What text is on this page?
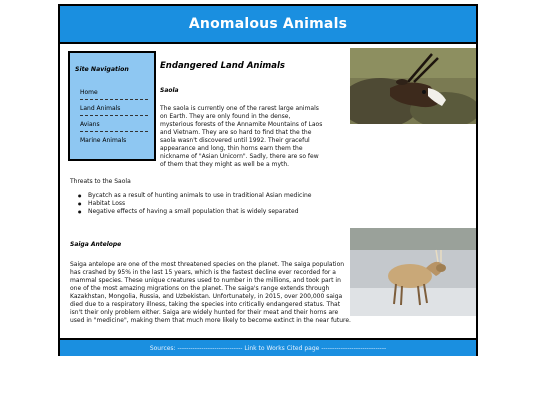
Anomalous Animals
Site Navigation
Home
Land Animals
Avians
Marine Animals
Endangered Land Animals
Saola
The saola is currently one of the rarest large animals
on Earth. They are only found in the dense,
mysterious forests of the Annamite Mountains of Laos
and Vietnam. They are so hard to find that the the
saola wasn't discovered until 1992. Their graceful
appearance and long, thin horns earn them the
nickname of "Asian Unicorn". Sadly, there are so few
of them that they might as well be a myth.
Threats to the Saola
● Bycatch as a result of hunting animals to use in traditional Asian medicine
● Habitat Loss
● Negative effects of having a small population that is widely separated
Saiga Antelope
Saiga antelope are one of the most threatened species on the planet. The saiga population
has crashed by 95% in the last 15 years, which is the fastest decline ever recorded for a
mammal species. These unique creatures used to number in the millions, and took part in
one of the most amazing migrations on the planet. The saiga's range extends through
Kazakhstan, Mongolia, Russia, and Uzbekistan. Unfortunately, in 2015, over 200,000 saiga
died due to a respiratory illness, taking the species into critically endangered status. That
isn't their only problem either. Saiga are widely hunted for their meat and their horns are
used in "medicine", making them that much more likely to become extinct in the near future.
Sources: ------------------------------ Link to Works Cited page ------------------------------
